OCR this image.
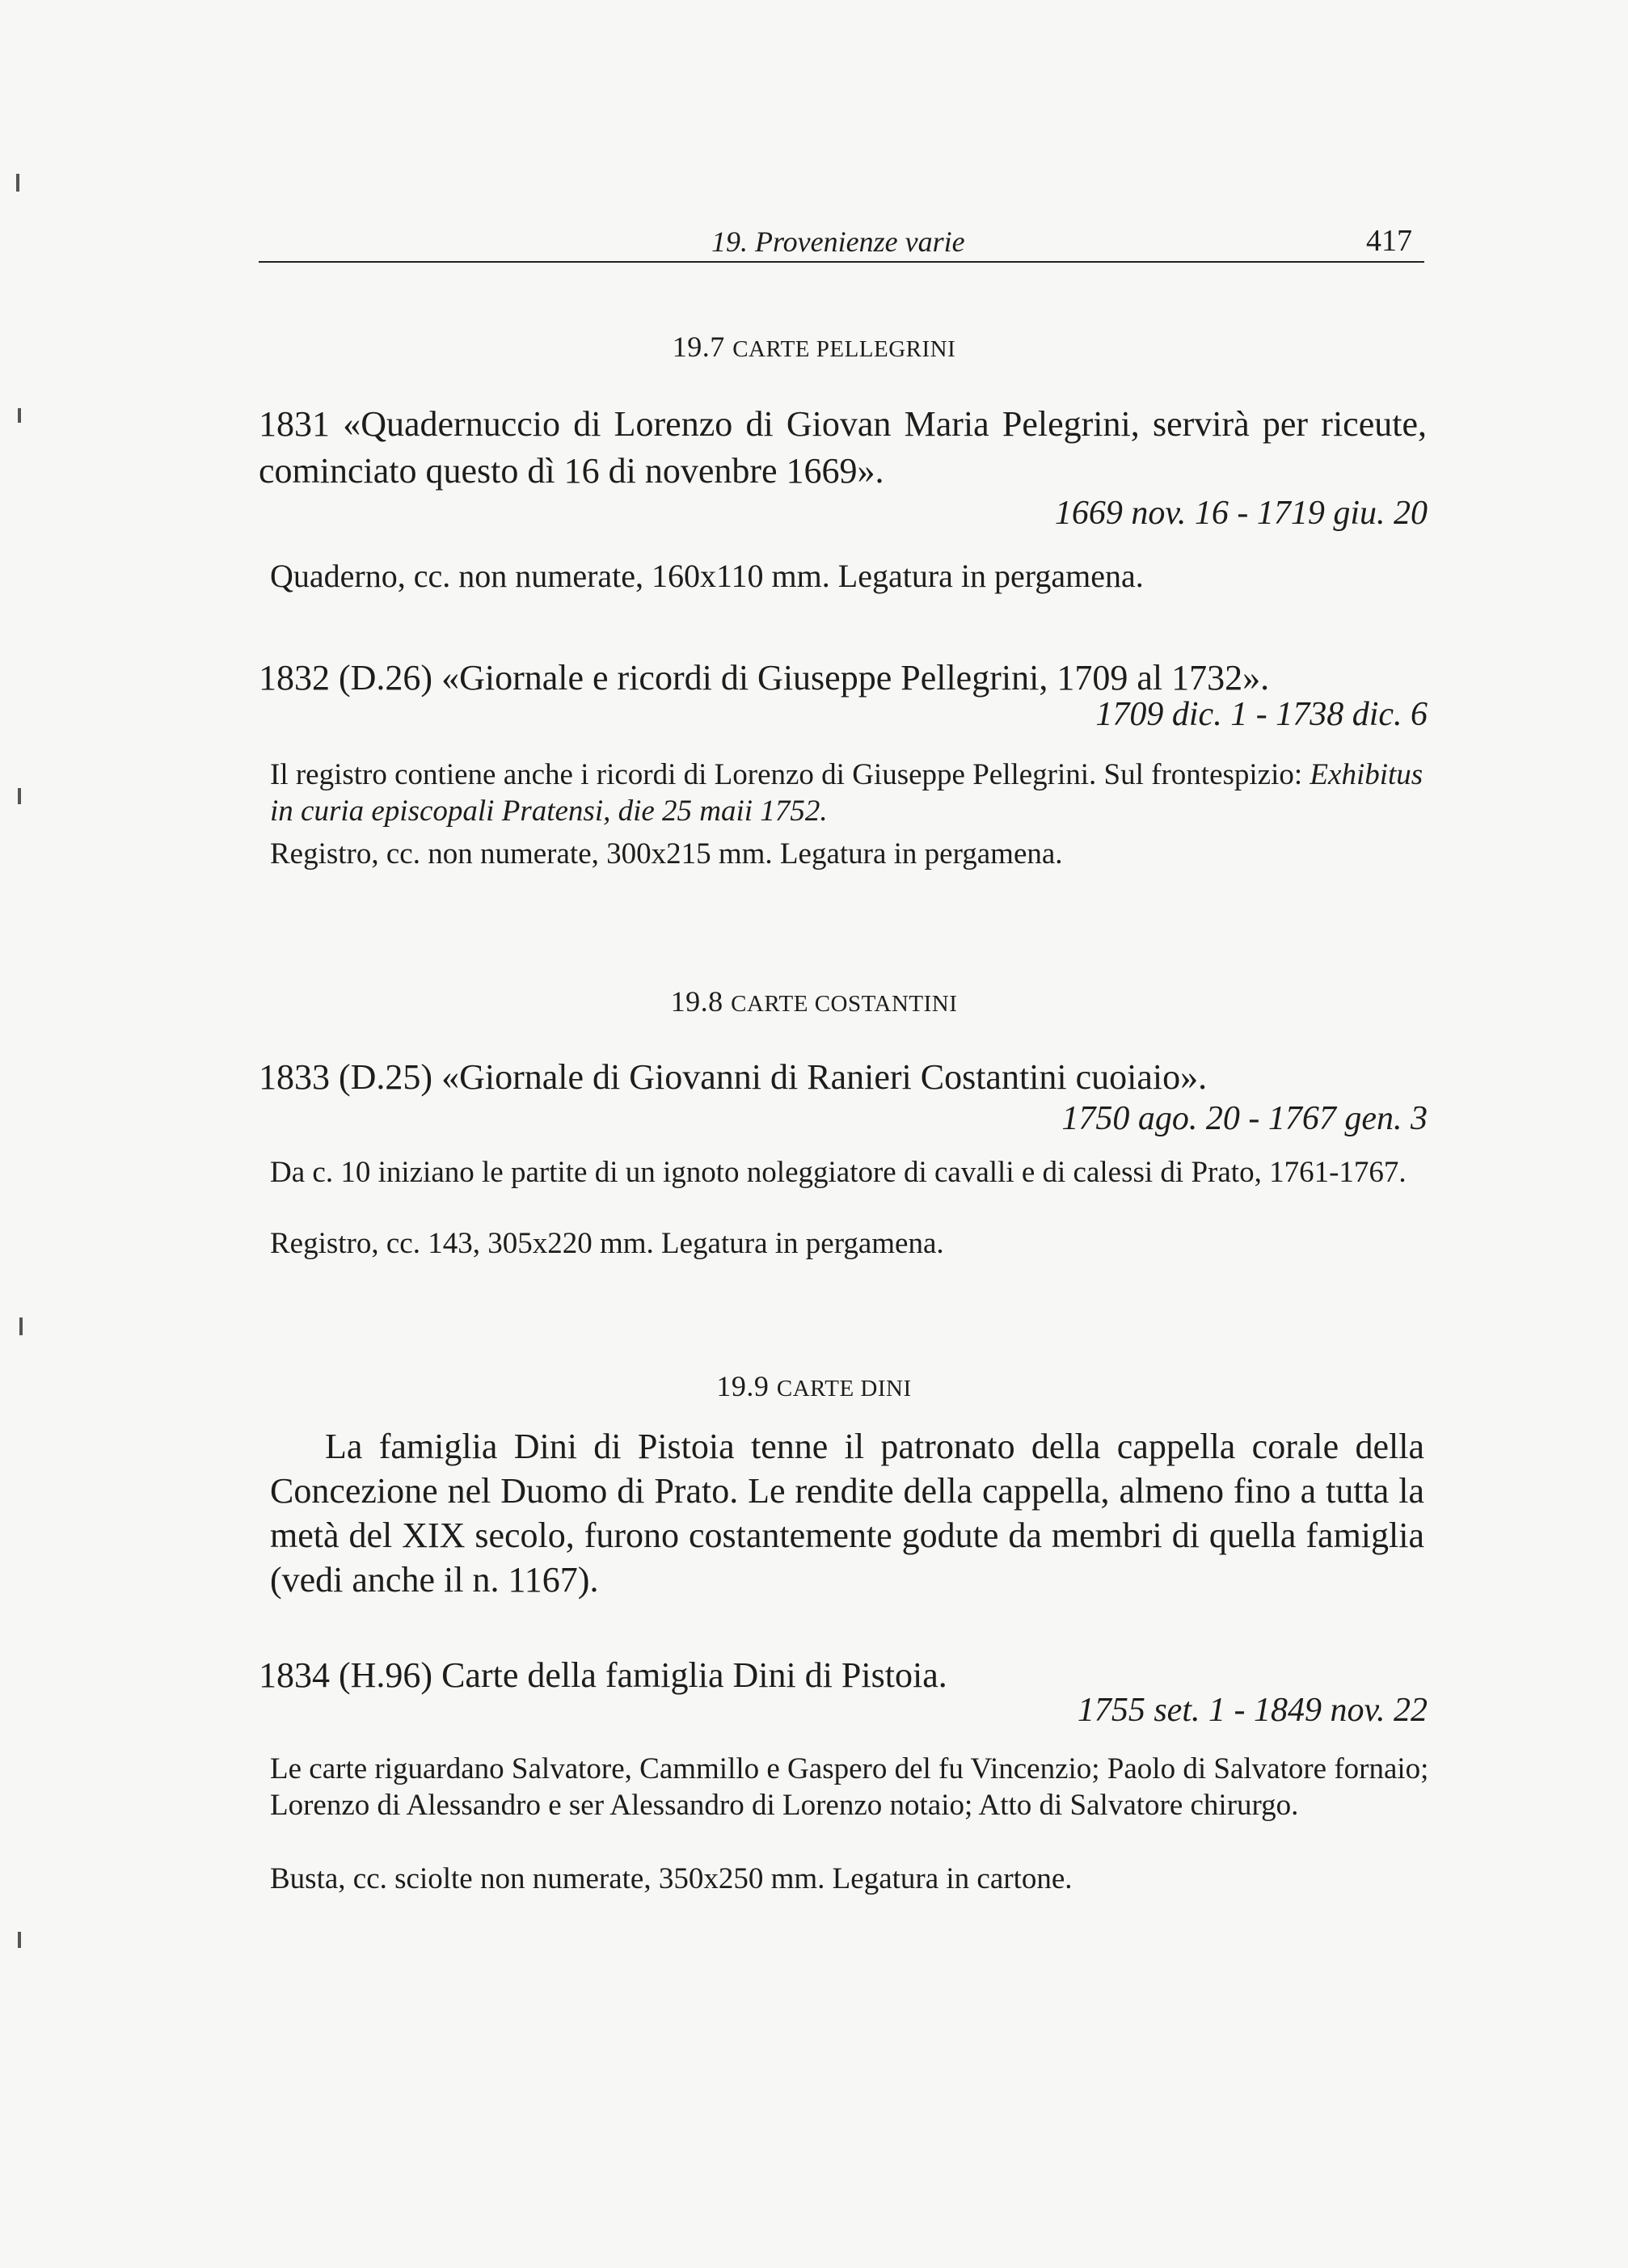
19. Provenienze varie	417
19.7 CARTE PELLEGRINI
1831 «Quadernuccio di Lorenzo di Giovan Maria Pelegrini, servirà per riceute, cominciato questo dì 16 di novenbre 1669».
1669 nov. 16 - 1719 giu. 20
Quaderno, cc. non numerate, 160x110 mm. Legatura in pergamena.
1832 (D.26) «Giornale e ricordi di Giuseppe Pellegrini, 1709 al 1732».
1709 dic. 1 - 1738 dic. 6
Il registro contiene anche i ricordi di Lorenzo di Giuseppe Pellegrini. Sul frontespizio: Exhibitus in curia episcopali Pratensi, die 25 maii 1752.
Registro, cc. non numerate, 300x215 mm. Legatura in pergamena.
19.8 CARTE COSTANTINI
1833 (D.25) «Giornale di Giovanni di Ranieri Costantini cuoiaio».
1750 ago. 20 - 1767 gen. 3
Da c. 10 iniziano le partite di un ignoto noleggiatore di cavalli e di calessi di Prato, 1761-1767.
Registro, cc. 143, 305x220 mm. Legatura in pergamena.
19.9 CARTE DINI
La famiglia Dini di Pistoia tenne il patronato della cappella corale della Concezione nel Duomo di Prato. Le rendite della cappella, almeno fino a tutta la metà del XIX secolo, furono costantemente godute da membri di quella famiglia (vedi anche il n. 1167).
1834 (H.96) Carte della famiglia Dini di Pistoia.
1755 set. 1 - 1849 nov. 22
Le carte riguardano Salvatore, Cammillo e Gaspero del fu Vincenzio; Paolo di Salvatore fornaio; Lorenzo di Alessandro e ser Alessandro di Lorenzo notaio; Atto di Salvatore chirurgo.
Busta, cc. sciolte non numerate, 350x250 mm. Legatura in cartone.
